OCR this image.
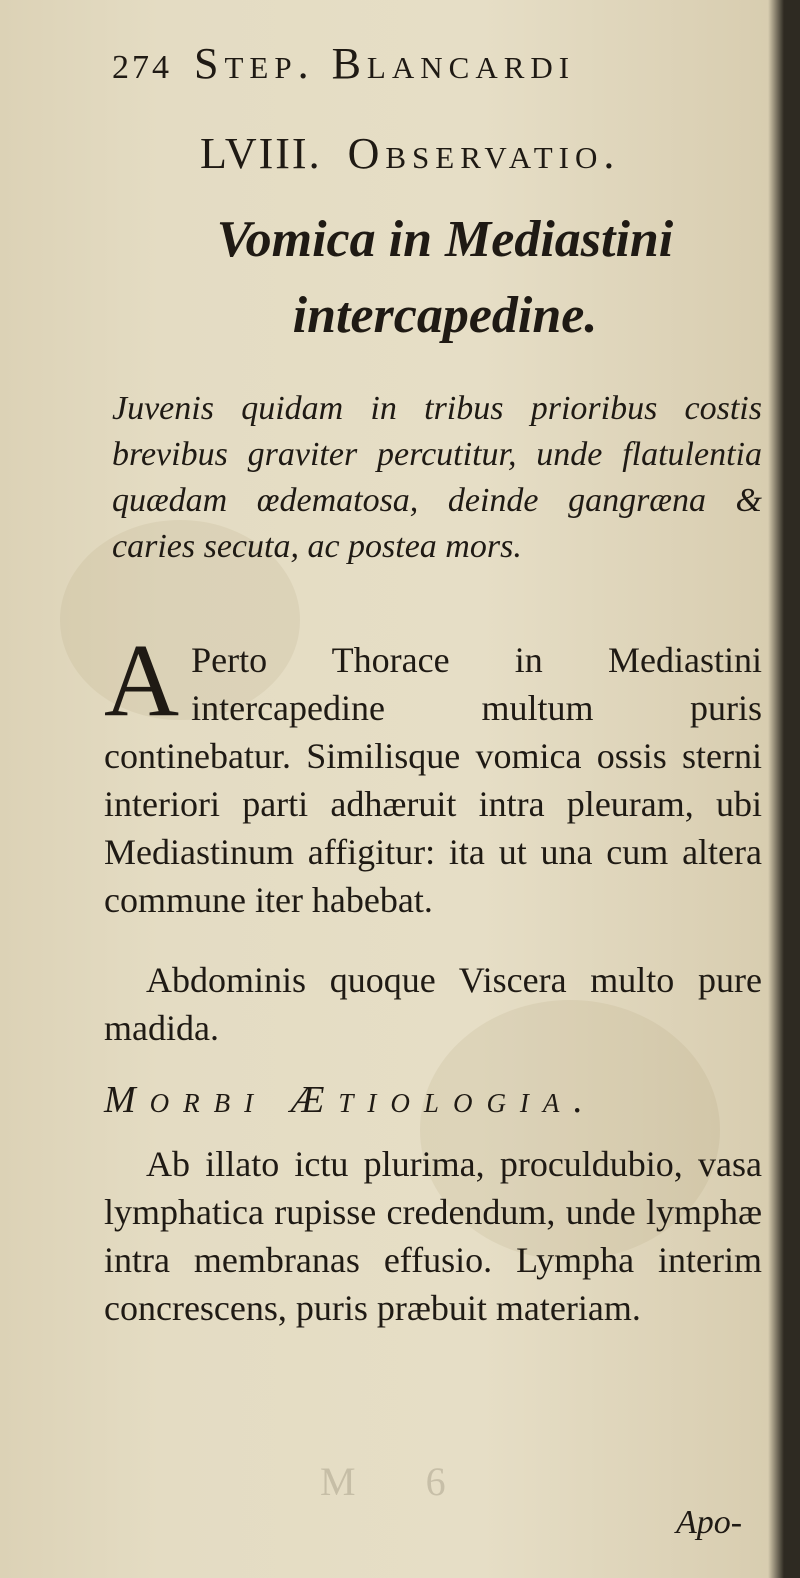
274 Step. Blancardi
LVIII. Observatio.
Vomica in Mediastini intercapedine.
Juvenis quidam in tribus prioribus costis brevibus graviter percutitur, unde flatulentia quædam œdematosa, deinde gangræna & caries secuta, ac postea mors.
A Perto Thorace in Mediastini intercapedine multum puris continebatur. Similisque vomica ossis sterni interiori parti adhæruit intra pleuram, ubi Mediastinum affigitur: ita ut una cum altera commune iter habebat.
Abdominis quoque Viscera multo pure madida.
Morbi Ætiologia.
Ab illato ictu plurima, proculdubio, vasa lymphatica rupisse credendum, unde lymphæ intra membranas effusio. Lympha interim concrescens, puris præbuit materiam.
M 6
Apo-
